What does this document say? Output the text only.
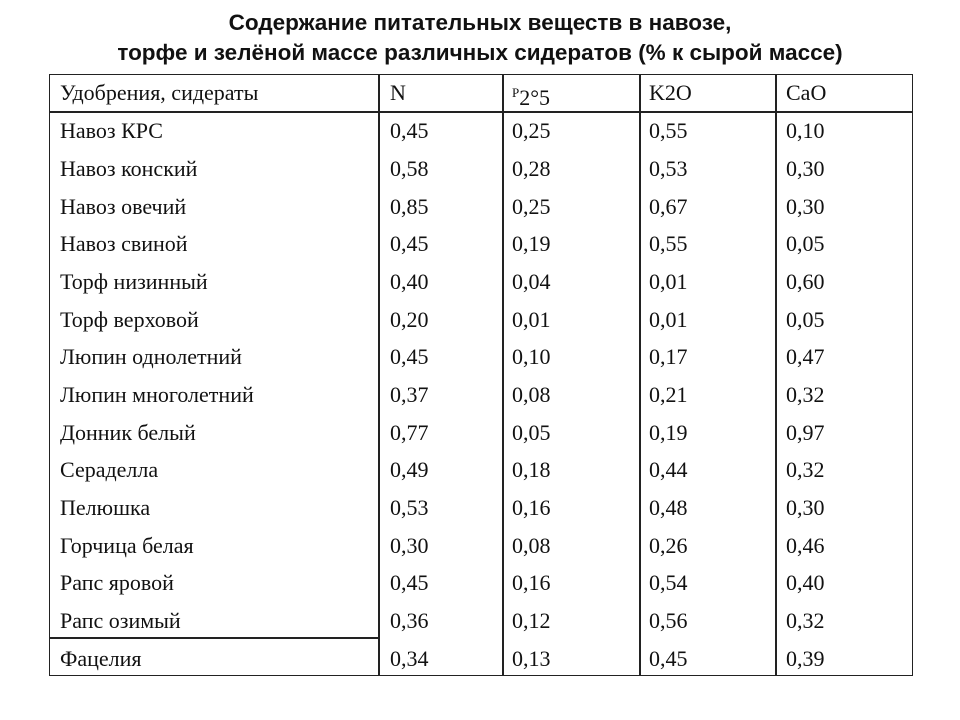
Содержание питательных веществ в навозе,
торфе и зелёной массе различных сидератов (% к сырой массе)
Удобрения, сидераты	N	$^P$2°5	K2O	CaO
Навоз КРС	0,45	0,25	0,55	0,10
Навоз конский	0,58	0,28	0,53	0,30
Навоз овечий	0,85	0,25	0,67	0,30
Навоз свиной	0,45	0,19	0,55	0,05
Торф низинный	0,40	0,04	0,01	0,60
Торф верховой	0,20	0,01	0,01	0,05
Люпин однолетний	0,45	0,10	0,17	0,47
Люпин многолетний	0,37	0,08	0,21	0,32
Донник белый	0,77	0,05	0,19	0,97
Сераделла	0,49	0,18	0,44	0,32
Пелюшка	0,53	0,16	0,48	0,30
Горчица белая	0,30	0,08	0,26	0,46
Рапс яровой	0,45	0,16	0,54	0,40
Рапс озимый	0,36	0,12	0,56	0,32
Фацелия	0,34	0,13	0,45	0,39
